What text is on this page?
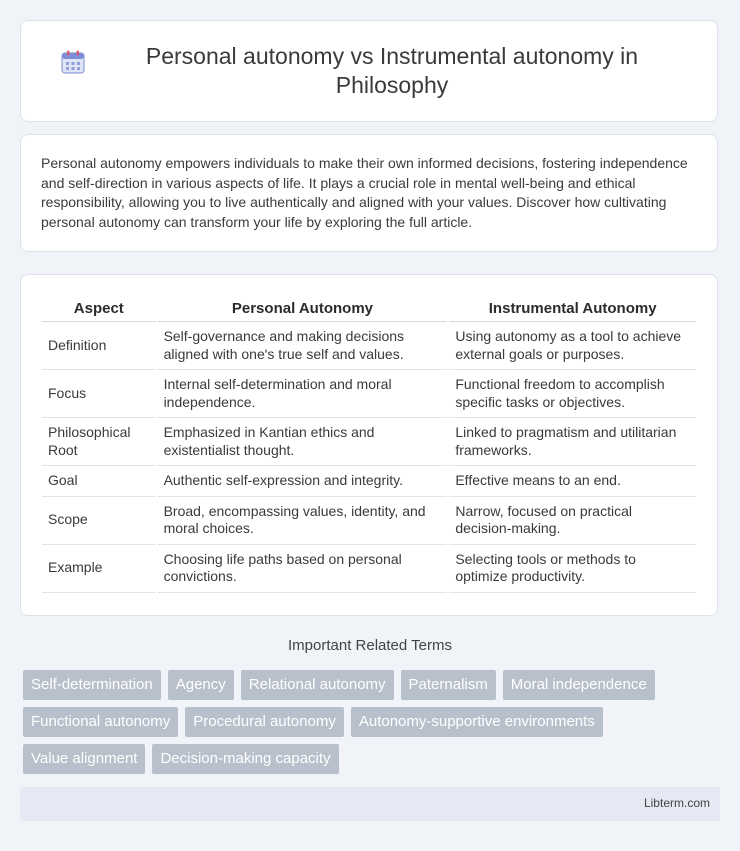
Personal autonomy vs Instrumental autonomy in Philosophy

Personal autonomy empowers individuals to make their own informed decisions, fostering independence and self-direction in various aspects of life. It plays a crucial role in mental well-being and ethical responsibility, allowing you to live authentically and aligned with your values. Discover how cultivating personal autonomy can transform your life by exploring the full article.

Aspect	Personal Autonomy	Instrumental Autonomy
Definition	Self-governance and making decisions aligned with one's true self and values.	Using autonomy as a tool to achieve external goals or purposes.
Focus	Internal self-determination and moral independence.	Functional freedom to accomplish specific tasks or objectives.
Philosophical Root	Emphasized in Kantian ethics and existentialist thought.	Linked to pragmatism and utilitarian frameworks.
Goal	Authentic self-expression and integrity.	Effective means to an end.
Scope	Broad, encompassing values, identity, and moral choices.	Narrow, focused on practical decision-making.
Example	Choosing life paths based on personal convictions.	Selecting tools or methods to optimize productivity.
Important Related Terms
Self-determination	Agency	Relational autonomy	Paternalism	Moral independence
Functional autonomy	Procedural autonomy	Autonomy-supportive environments
Value alignment	Decision-making capacity
Libterm.com
